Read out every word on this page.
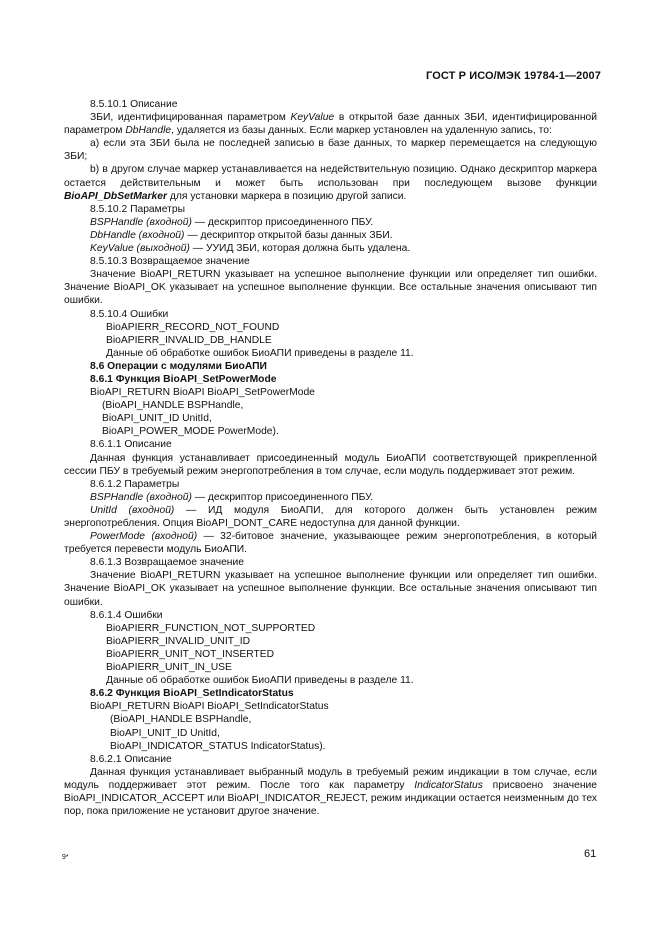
ГОСТ Р ИСО/МЭК 19784-1—2007

8.5.10.1 Описание

ЗБИ, идентифицированная параметром KeyValue в открытой базе данных ЗБИ, идентифицированной параметром DbHandle, удаляется из базы данных. Если маркер установлен на удаленную запись, то:

a) если эта ЗБИ была не последней записью в базе данных, то маркер перемещается на следующую ЗБИ;

b) в другом случае маркер устанавливается на недействительную позицию. Однако дескриптор маркера остается действительным и может быть использован при последующем вызове функции BioAPI_DbSetMarker для установки маркера в позицию другой записи.

8.5.10.2 Параметры

BSPHandle (входной) — дескриптор присоединенного ПБУ.

DbHandle (входной) — дескриптор открытой базы данных ЗБИ.

KeyValue (выходной) — УУИД ЗБИ, которая должна быть удалена.

8.5.10.3 Возвращаемое значение

Значение BioAPI_RETURN указывает на успешное выполнение функции или определяет тип ошибки. Значение BioAPI_OK указывает на успешное выполнение функции. Все остальные значения описывают тип ошибки.

8.5.10.4 Ошибки

BioAPIERR_RECORD_NOT_FOUND

BioAPIERR_INVALID_DB_HANDLE

Данные об обработке ошибок БиоАПИ приведены в разделе 11.

8.6 Операции с модулями БиоАПИ

8.6.1 Функция BioAPI_SetPowerMode

BioAPI_RETURN BioAPI BioAPI_SetPowerMode

(BioAPI_HANDLE BSPHandle,

BioAPI_UNIT_ID UnitId,

BioAPI_POWER_MODE PowerMode).

8.6.1.1 Описание

Данная функция устанавливает присоединенный модуль БиоАПИ соответствующей прикрепленной сессии ПБУ в требуемый режим энергопотребления в том случае, если модуль поддерживает этот режим.

8.6.1.2 Параметры

BSPHandle (входной) — дескриптор присоединенного ПБУ.

UnitId (входной) — ИД модуля БиоАПИ, для которого должен быть установлен режим энергопотребления. Опция BioAPI_DONT_CARE недоступна для данной функции.

PowerMode (входной) — 32-битовое значение, указывающее режим энергопотребления, в который требуется перевести модуль БиоАПИ.

8.6.1.3 Возвращаемое значение

Значение BioAPI_RETURN указывает на успешное выполнение функции или определяет тип ошибки. Значение BioAPI_OK указывает на успешное выполнение функции. Все остальные значения описывают тип ошибки.

8.6.1.4 Ошибки

BioAPIERR_FUNCTION_NOT_SUPPORTED

BioAPIERR_INVALID_UNIT_ID

BioAPIERR_UNIT_NOT_INSERTED

BioAPIERR_UNIT_IN_USE

Данные об обработке ошибок БиоАПИ приведены в разделе 11.

8.6.2 Функция BioAPI_SetIndicatorStatus

BioAPI_RETURN BioAPI BioAPI_SetIndicatorStatus

(BioAPI_HANDLE BSPHandle,

BioAPI_UNIT_ID UnitId,

BioAPI_INDICATOR_STATUS IndicatorStatus).

8.6.2.1 Описание

Данная функция устанавливает выбранный модуль в требуемый режим индикации в том случае, если модуль поддерживает этот режим. После того как параметру IndicatorStatus присвоено значение BioAPI_INDICATOR_ACCEPT или BioAPI_INDICATOR_REJECT, режим индикации остается неизменным до тех пор, пока приложение не установит другое значение.

9*	61
